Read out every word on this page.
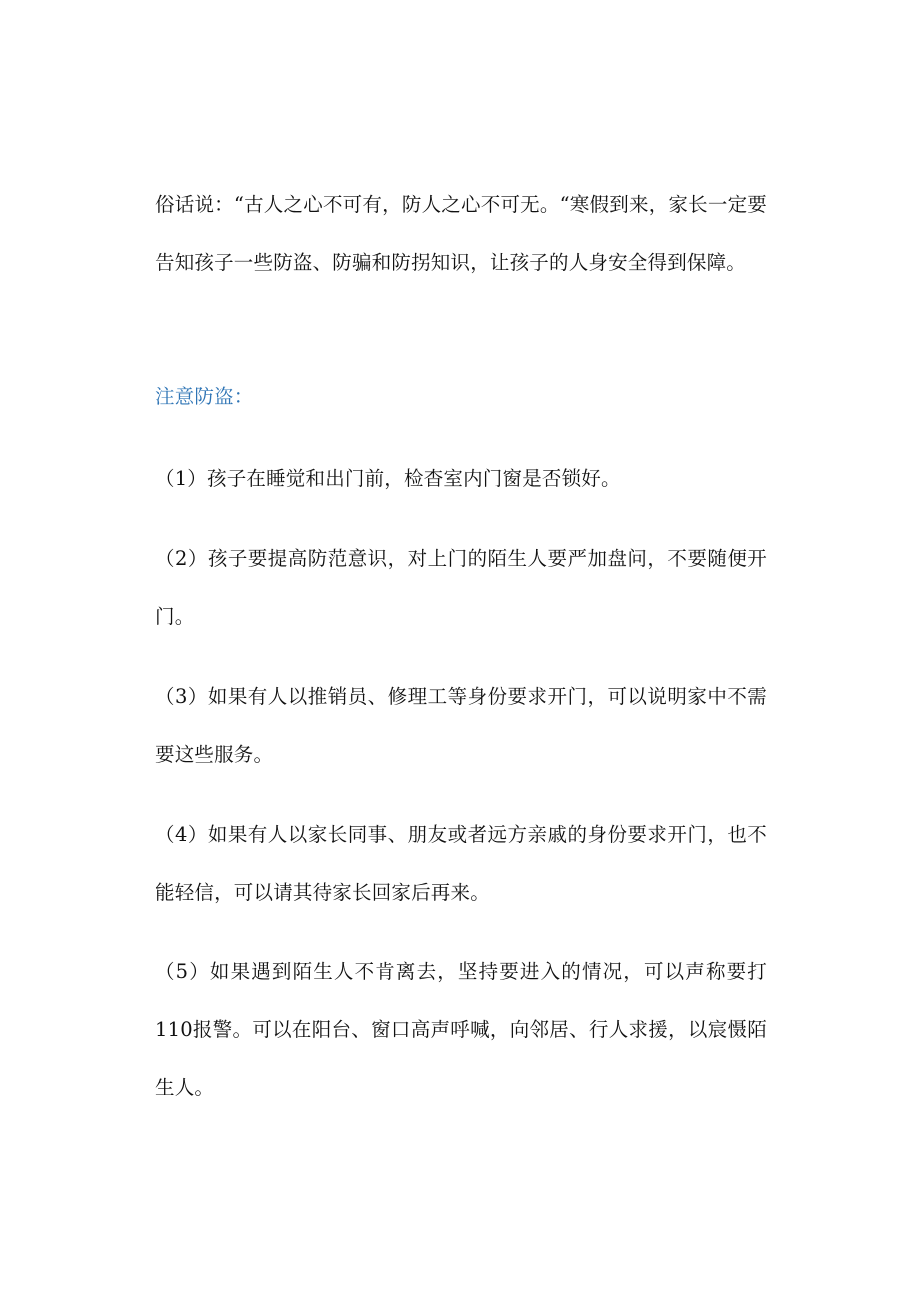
俗话说：“古人之心不可有，防人之心不可无。“寒假到来，家长一定要告知孩子一些防盗、防骗和防拐知识，让孩子的人身安全得到保障。

注意防盗：

（1）孩子在睡觉和出门前，检杳室内门窗是否锁好。

（2）孩子要提高防范意识，对上门的陌生人要严加盘问，不要随便开门。

（3）如果有人以推销员、修理工等身份要求开门，可以说明家中不需要这些服务。

（4）如果有人以家长同事、朋友或者远方亲戚的身份要求开门，也不能轻信，可以请其待家长回家后再来。

（5）如果遇到陌生人不肯离去，坚持要进入的情况，可以声称要打110报警。可以在阳台、窗口高声呼喊，向邻居、行人求援，以宸慑陌生人。
